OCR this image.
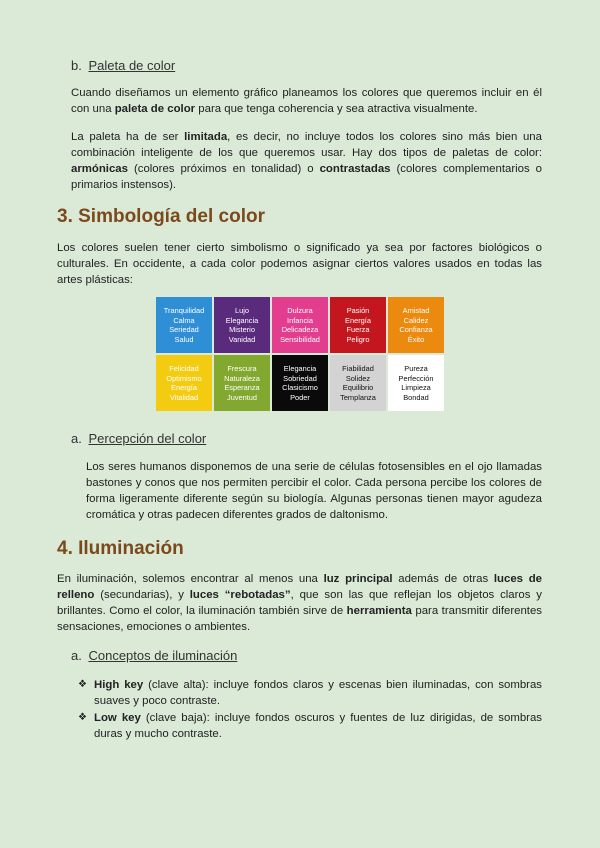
b. Paleta de color

Cuando diseñamos un elemento gráfico planeamos los colores que queremos incluir en él con una paleta de color para que tenga coherencia y sea atractiva visualmente.

La paleta ha de ser limitada, es decir, no incluye todos los colores sino más bien una combinación inteligente de los que queremos usar. Hay dos tipos de paletas de color: armónicas (colores próximos en tonalidad) o contrastadas (colores complementarios o primarios instensos).

3. Simbología del color

Los colores suelen tener cierto simbolismo o significado ya sea por factores biológicos o culturales. En occidente, a cada color podemos asignar ciertos valores usados en todas las artes plásticas:

Tranquilidad
Calma
Seriedad
Salud
Lujo
Elegancia
Misterio
Vanidad
Dulzura
Infancia
Delicadeza
Sensibilidad
Pasión
Energía
Fuerza
Peligro
Amistad
Calidez
Confianza
Éxito
Felicidad
Optimismo
Energía
Vitalidad
Frescura
Naturaleza
Esperanza
Juventud
Elegancia
Sobriedad
Clasicismo
Poder
Fiabilidad
Solidez
Equilibrio
Templanza
Pureza
Perfección
Limpieza
Bondad
a. Percepción del color

Los seres humanos disponemos de una serie de células fotosensibles en el ojo llamadas bastones y conos que nos permiten percibir el color. Cada persona percibe los colores de forma ligeramente diferente según su biología. Algunas personas tienen mayor agudeza cromática y otras padecen diferentes grados de daltonismo.

4. Iluminación

En iluminación, solemos encontrar al menos una luz principal además de otras luces de relleno (secundarias), y luces “rebotadas”, que son las que reflejan los objetos claros y brillantes. Como el color, la iluminación también sirve de herramienta para transmitir diferentes sensaciones, emociones o ambientes.

a. Conceptos de iluminación
❖ High key (clave alta): incluye fondos claros y escenas bien iluminadas, con sombras suaves y poco contraste.
❖ Low key (clave baja): incluye fondos oscuros y fuentes de luz dirigidas, de sombras duras y mucho contraste.
